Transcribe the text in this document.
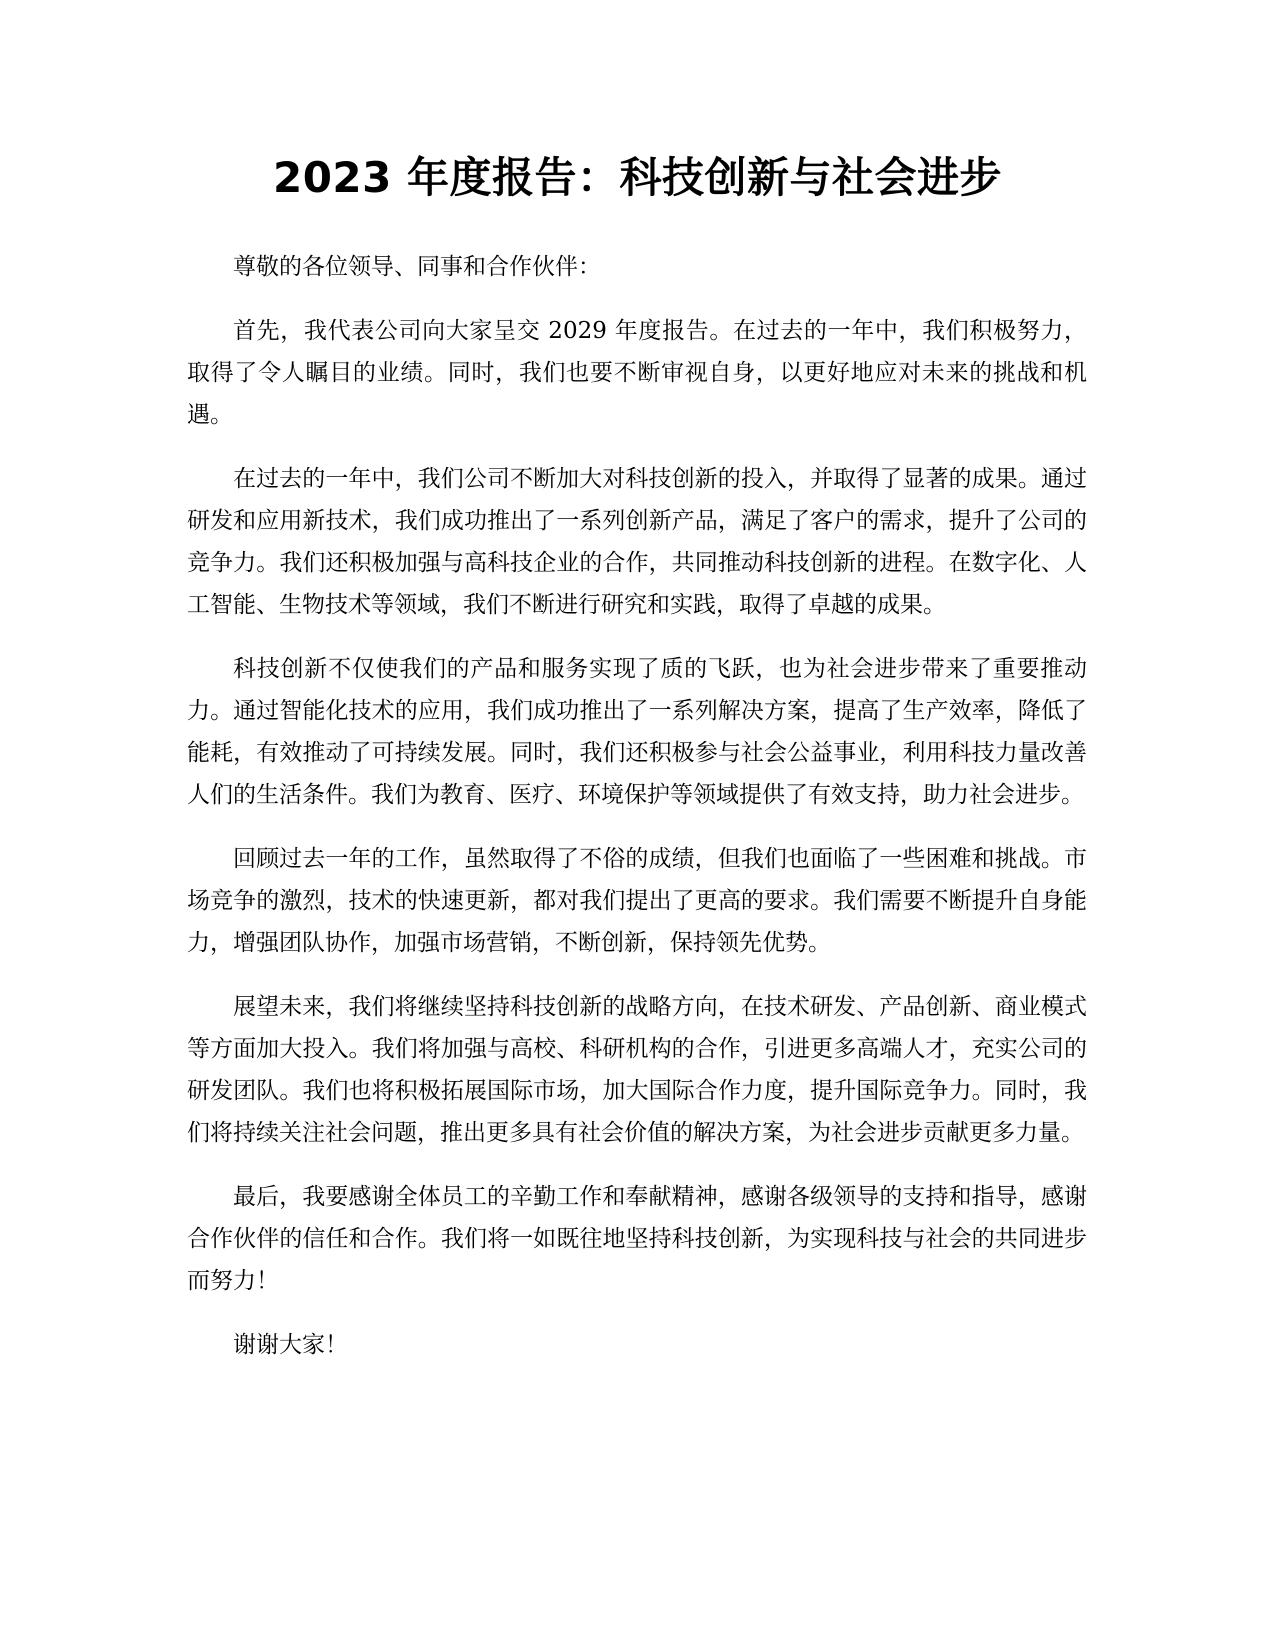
2023 年度报告：科技创新与社会进步

尊敬的各位领导、同事和合作伙伴：

首先，我代表公司向大家呈交 2029 年度报告。在过去的一年中，我们积极努力，取得了令人瞩目的业绩。同时，我们也要不断审视自身，以更好地应对未来的挑战和机遇。

在过去的一年中，我们公司不断加大对科技创新的投入，并取得了显著的成果。通过研发和应用新技术，我们成功推出了一系列创新产品，满足了客户的需求，提升了公司的竞争力。我们还积极加强与高科技企业的合作，共同推动科技创新的进程。在数字化、人工智能、生物技术等领域，我们不断进行研究和实践，取得了卓越的成果。

科技创新不仅使我们的产品和服务实现了质的飞跃，也为社会进步带来了重要推动力。通过智能化技术的应用，我们成功推出了一系列解决方案，提高了生产效率，降低了能耗，有效推动了可持续发展。同时，我们还积极参与社会公益事业，利用科技力量改善人们的生活条件。我们为教育、医疗、环境保护等领域提供了有效支持，助力社会进步。

回顾过去一年的工作，虽然取得了不俗的成绩，但我们也面临了一些困难和挑战。市场竞争的激烈，技术的快速更新，都对我们提出了更高的要求。我们需要不断提升自身能力，增强团队协作，加强市场营销，不断创新，保持领先优势。

展望未来，我们将继续坚持科技创新的战略方向，在技术研发、产品创新、商业模式等方面加大投入。我们将加强与高校、科研机构的合作，引进更多高端人才，充实公司的研发团队。我们也将积极拓展国际市场，加大国际合作力度，提升国际竞争力。同时，我们将持续关注社会问题，推出更多具有社会价值的解决方案，为社会进步贡献更多力量。

最后，我要感谢全体员工的辛勤工作和奉献精神，感谢各级领导的支持和指导，感谢合作伙伴的信任和合作。我们将一如既往地坚持科技创新，为实现科技与社会的共同进步而努力！

谢谢大家！
